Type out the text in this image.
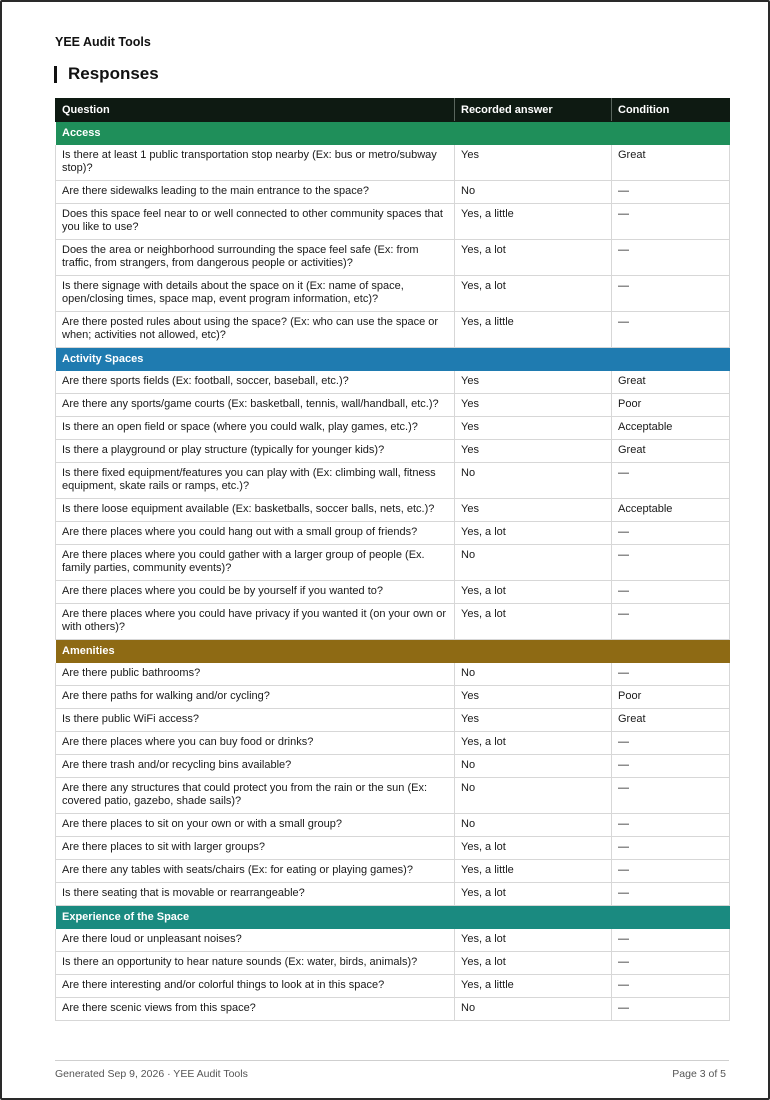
YEE Audit Tools
Responses
Question	Recorded answer	Condition
Access		
Is there at least 1 public transportation stop nearby (Ex: bus or metro/subway stop)?	Yes	Great
Are there sidewalks leading to the main entrance to the space?	No	—
Does this space feel near to or well connected to other community spaces that you like to use?	Yes, a little	—
Does the area or neighborhood surrounding the space feel safe (Ex: from traffic, from strangers, from dangerous people or activities)?	Yes, a lot	—
Is there signage with details about the space on it (Ex: name of space, open/closing times, space map, event program information, etc)?	Yes, a lot	—
Are there posted rules about using the space? (Ex: who can use the space or when; activities not allowed, etc)?	Yes, a little	—
Activity Spaces		
Are there sports fields (Ex: football, soccer, baseball, etc.)?	Yes	Great
Are there any sports/game courts (Ex: basketball, tennis, wall/handball, etc.)?	Yes	Poor
Is there an open field or space (where you could walk, play games, etc.)?	Yes	Acceptable
Is there a playground or play structure (typically for younger kids)?	Yes	Great
Is there fixed equipment/features you can play with (Ex: climbing wall, fitness equipment, skate rails or ramps, etc.)?	No	—
Is there loose equipment available (Ex: basketballs, soccer balls, nets, etc.)?	Yes	Acceptable
Are there places where you could hang out with a small group of friends?	Yes, a lot	—
Are there places where you could gather with a larger group of people (Ex. family parties, community events)?	No	—
Are there places where you could be by yourself if you wanted to?	Yes, a lot	—
Are there places where you could have privacy if you wanted it (on your own or with others)?	Yes, a lot	—
Amenities		
Are there public bathrooms?	No	—
Are there paths for walking and/or cycling?	Yes	Poor
Is there public WiFi access?	Yes	Great
Are there places where you can buy food or drinks?	Yes, a lot	—
Are there trash and/or recycling bins available?	No	—
Are there any structures that could protect you from the rain or the sun (Ex: covered patio, gazebo, shade sails)?	No	—
Are there places to sit on your own or with a small group?	No	—
Are there places to sit with larger groups?	Yes, a lot	—
Are there any tables with seats/chairs (Ex: for eating or playing games)?	Yes, a little	—
Is there seating that is movable or rearrangeable?	Yes, a lot	—
Experience of the Space		
Are there loud or unpleasant noises?	Yes, a lot	—
Is there an opportunity to hear nature sounds (Ex: water, birds, animals)?	Yes, a lot	—
Are there interesting and/or colorful things to look at in this space?	Yes, a little	—
Are there scenic views from this space?	No	—
Generated Sep 9, 2026 · YEE Audit Tools	Page 3 of 5
